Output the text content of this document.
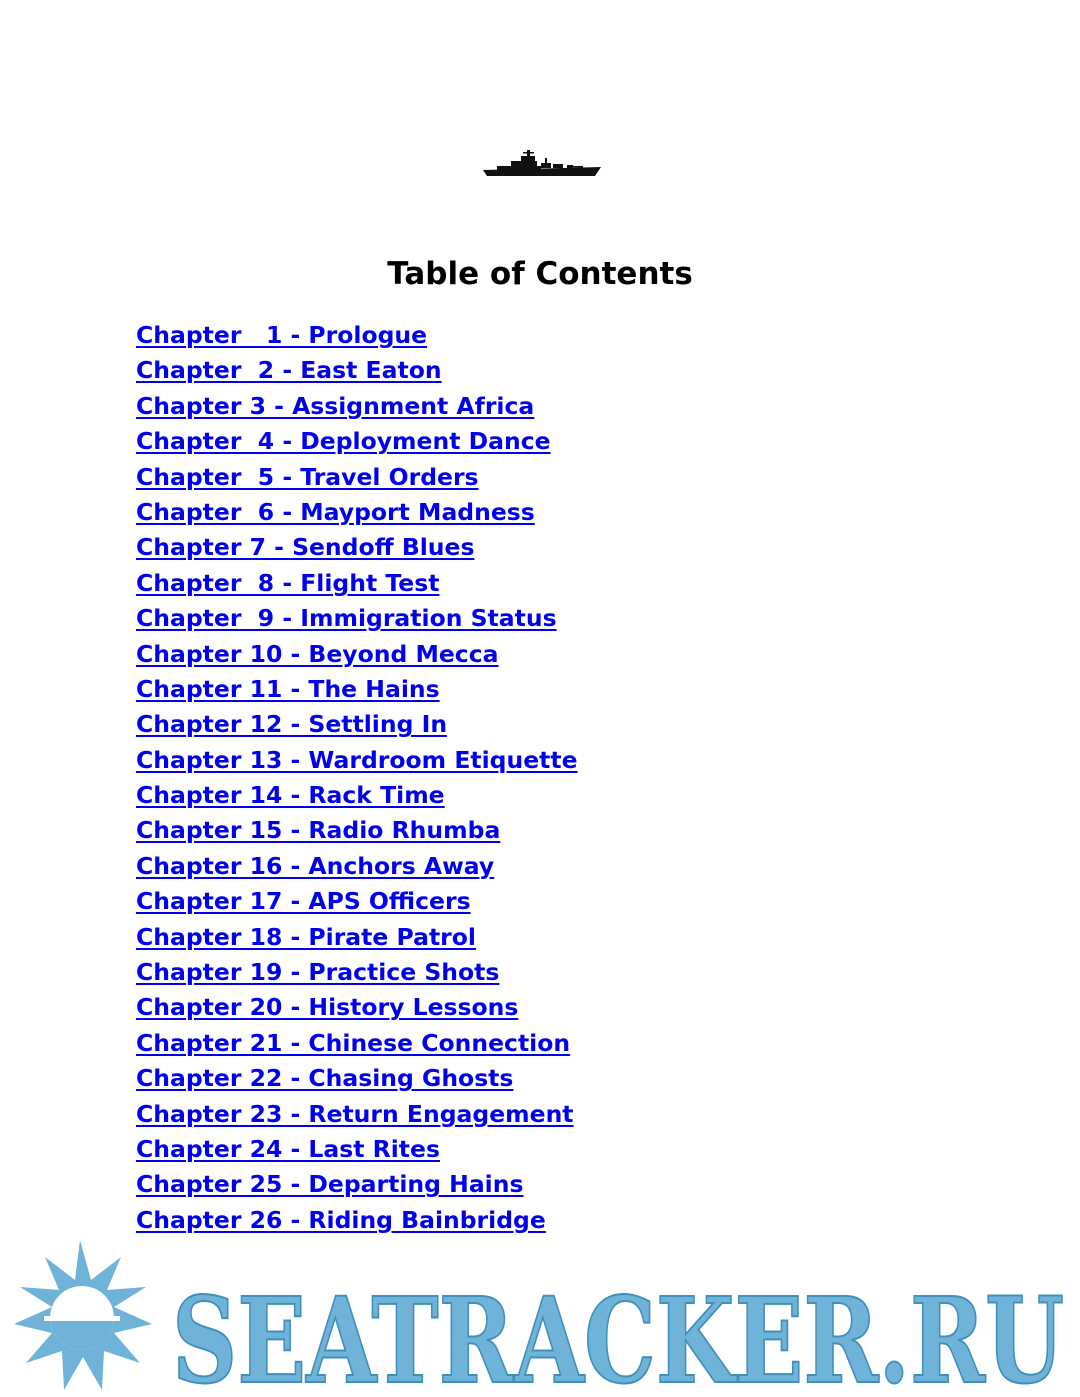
Table of Contents
Chapter   1 - Prologue
Chapter  2 - East Eaton
Chapter 3 - Assignment Africa
Chapter  4 - Deployment Dance
Chapter  5 - Travel Orders
Chapter  6 - Mayport Madness
Chapter 7 - Sendoff Blues
Chapter  8 - Flight Test
Chapter  9 - Immigration Status
Chapter 10 - Beyond Mecca
Chapter 11 - The Hains
Chapter 12 - Settling In
Chapter 13 - Wardroom Etiquette
Chapter 14 - Rack Time
Chapter 15 - Radio Rhumba
Chapter 16 - Anchors Away
Chapter 17 - APS Officers
Chapter 18 - Pirate Patrol
Chapter 19 - Practice Shots
Chapter 20 - History Lessons
Chapter 21 - Chinese Connection
Chapter 22 - Chasing Ghosts
Chapter 23 - Return Engagement
Chapter 24 - Last Rites
Chapter 25 - Departing Hains
Chapter 26 - Riding Bainbridge
SEATRACKER.RU
